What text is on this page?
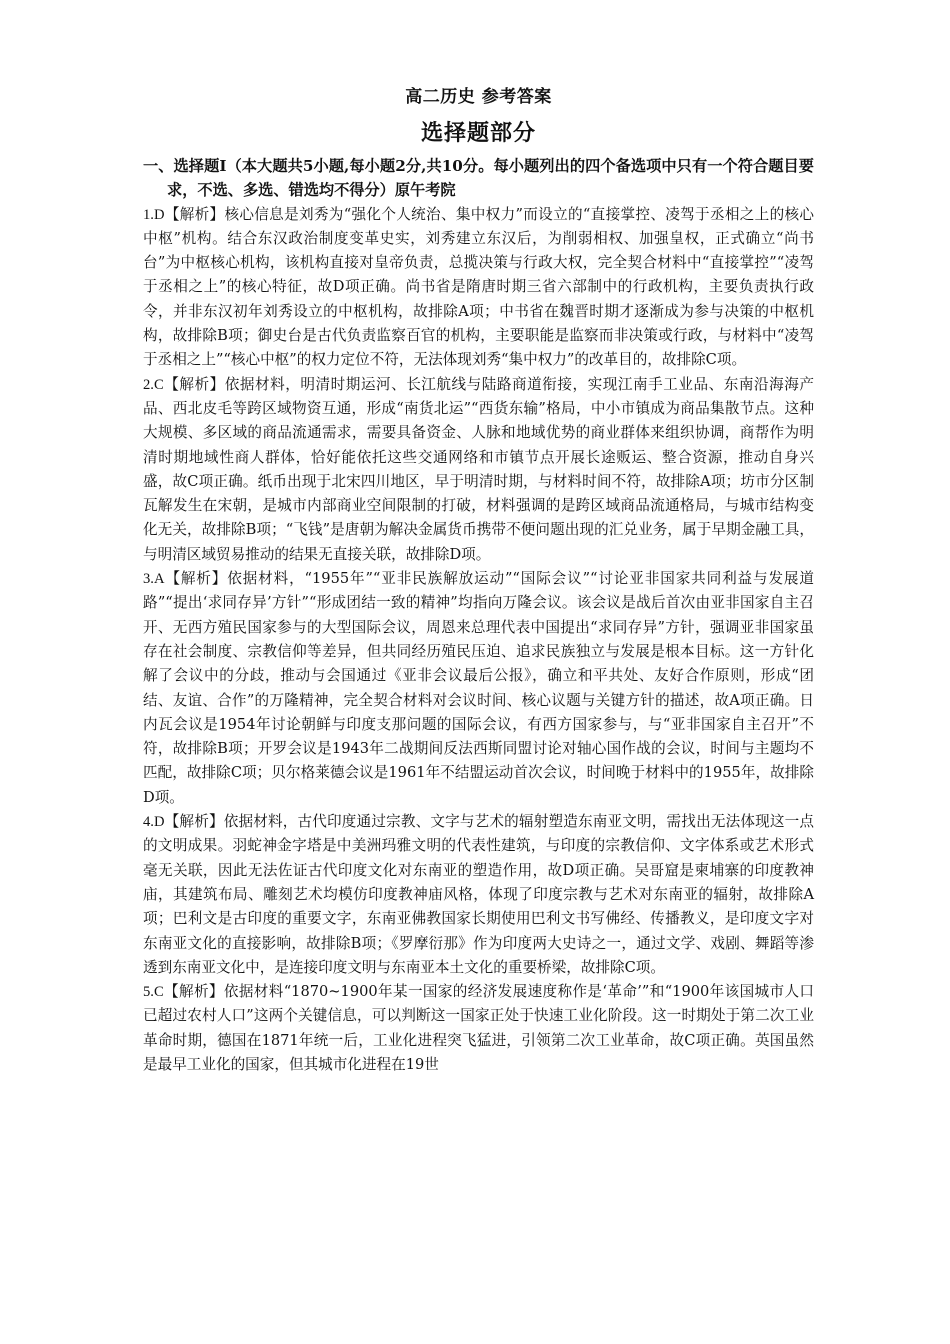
高二历史 参考答案
选择题部分
一、选择题Ⅰ（本大题共5小题,每小题2分,共10分。每小题列出的四个备选项中只有一个符合题目要求，不选、多选、错选均不得分）原午考院

1.D【解析】核心信息是刘秀为“强化个人统治、集中权力”而设立的“直接掌控、凌驾于丞相之上的核心中枢”机构。结合东汉政治制度变革史实，刘秀建立东汉后，为削弱相权、加强皇权，正式确立“尚书台”为中枢核心机构，该机构直接对皇帝负责，总揽决策与行政大权，完全契合材料中“直接掌控”“凌驾于丞相之上”的核心特征，故D项正确。尚书省是隋唐时期三省六部制中的行政机构，主要负责执行政令，并非东汉初年刘秀设立的中枢机构，故排除A项；中书省在魏晋时期才逐渐成为参与决策的中枢机构，故排除B项；御史台是古代负责监察百官的机构，主要职能是监察而非决策或行政，与材料中“凌驾于丞相之上”“核心中枢”的权力定位不符，无法体现刘秀“集中权力”的改革目的，故排除C项。

2.C【解析】依据材料，明清时期运河、长江航线与陆路商道衔接，实现江南手工业品、东南沿海海产品、西北皮毛等跨区域物资互通，形成“南货北运”“西货东输”格局，中小市镇成为商品集散节点。这种大规模、多区域的商品流通需求，需要具备资金、人脉和地域优势的商业群体来组织协调，商帮作为明清时期地域性商人群体，恰好能依托这些交通网络和市镇节点开展长途贩运、整合资源，推动自身兴盛，故C项正确。纸币出现于北宋四川地区，早于明清时期，与材料时间不符，故排除A项；坊市分区制瓦解发生在宋朝，是城市内部商业空间限制的打破，材料强调的是跨区域商品流通格局，与城市结构变化无关，故排除B项；“飞钱”是唐朝为解决金属货币携带不便问题出现的汇兑业务，属于早期金融工具，与明清区域贸易推动的结果无直接关联，故排除D项。

3.A【解析】依据材料，“1955年”“亚非民族解放运动”“国际会议”“讨论亚非国家共同利益与发展道路”“提出‘求同存异’方针”“形成团结一致的精神”均指向万隆会议。该会议是战后首次由亚非国家自主召开、无西方殖民国家参与的大型国际会议，周恩来总理代表中国提出“求同存异”方针，强调亚非国家虽存在社会制度、宗教信仰等差异，但共同经历殖民压迫、追求民族独立与发展是根本目标。这一方针化解了会议中的分歧，推动与会国通过《亚非会议最后公报》，确立和平共处、友好合作原则，形成“团结、友谊、合作”的万隆精神，完全契合材料对会议时间、核心议题与关键方针的描述，故A项正确。日内瓦会议是1954年讨论朝鲜与印度支那问题的国际会议，有西方国家参与，与“亚非国家自主召开”不符，故排除B项；开罗会议是1943年二战期间反法西斯同盟讨论对轴心国作战的会议，时间与主题均不匹配，故排除C项；贝尔格莱德会议是1961年不结盟运动首次会议，时间晚于材料中的1955年，故排除D项。

4.D【解析】依据材料，古代印度通过宗教、文字与艺术的辐射塑造东南亚文明，需找出无法体现这一点的文明成果。羽蛇神金字塔是中美洲玛雅文明的代表性建筑，与印度的宗教信仰、文字体系或艺术形式毫无关联，因此无法佐证古代印度文化对东南亚的塑造作用，故D项正确。吴哥窟是柬埔寨的印度教神庙，其建筑布局、雕刻艺术均模仿印度教神庙风格，体现了印度宗教与艺术对东南亚的辐射，故排除A项；巴利文是古印度的重要文字，东南亚佛教国家长期使用巴利文书写佛经、传播教义，是印度文字对东南亚文化的直接影响，故排除B项；《罗摩衍那》作为印度两大史诗之一，通过文学、戏剧、舞蹈等渗透到东南亚文化中，是连接印度文明与东南亚本土文化的重要桥梁，故排除C项。

5.C【解析】依据材料“1870~1900年某一国家的经济发展速度称作是‘革命’”和“1900年该国城市人口已超过农村人口”这两个关键信息，可以判断这一国家正处于快速工业化阶段。这一时期处于第二次工业革命时期，德国在1871年统一后，工业化进程突飞猛进，引领第二次工业革命，故C项正确。英国虽然是最早工业化的国家，但其城市化进程在19世
